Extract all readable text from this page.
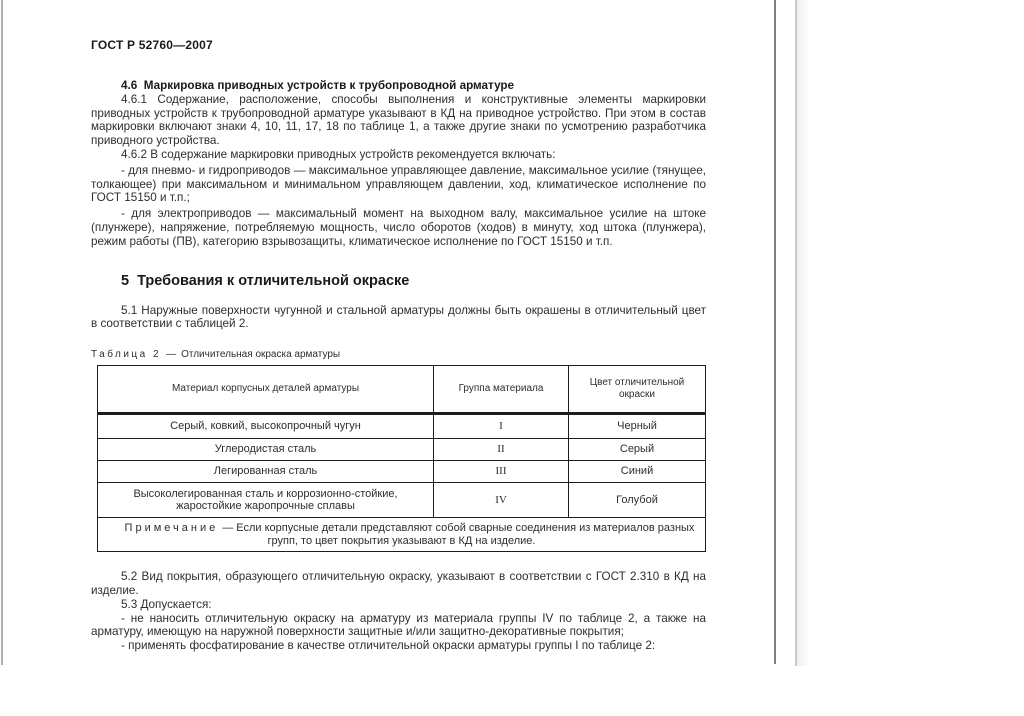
ГОСТ Р 52760—2007

4.6  Маркировка приводных устройств к трубопроводной арматуре

4.6.1 Содержание, расположение, способы выполнения и конструктивные элементы маркировки приводных устройств к трубопроводной арматуре указывают в КД на приводное устройство. При этом в состав маркировки включают знаки 4, 10, 11, 17, 18 по таблице 1, а также другие знаки по усмотрению разработчика приводного устройства.

4.6.2 В содержание маркировки приводных устройств рекомендуется включать:

- для пневмо- и гидроприводов — максимальное управляющее давление, максимальное усилие (тянущее, толкающее) при максимальном и минимальном управляющем давлении, ход, климатическое исполнение по ГОСТ 15150 и т.п.;

- для электроприводов — максимальный момент на выходном валу, максимальное усилие на штоке (плунжере), напряжение, потребляемую мощность, число оборотов (ходов) в минуту, ход штока (плунжера), режим работы (ПВ), категорию взрывозащиты, климатическое исполнение по ГОСТ 15150 и т.п.

5  Требования к отличительной окраске

5.1 Наружные поверхности чугунной и стальной арматуры должны быть окрашены в отличительный цвет в соответствии с таблицей 2.

Таблица 2 — Отличительная окраска арматуры

Материал корпусных деталей арматуры	Группа материала	Цвет отличительной окраски
Серый, ковкий, высокопрочный чугун	I	Черный
Углеродистая сталь	II	Серый
Легированная сталь	III	Синий
Высоколегированная сталь и коррозионно-стойкие, жаростойкие жаропрочные сплавы	IV	Голубой
Примечание — Если корпусные детали представляют собой сварные соединения из материалов разных групп, то цвет покрытия указывают в КД на изделие.		

5.2 Вид покрытия, образующего отличительную окраску, указывают в соответствии с ГОСТ 2.310 в КД на изделие.

5.3 Допускается:

- не наносить отличительную окраску на арматуру из материала группы IV по таблице 2, а также на арматуру, имеющую на наружной поверхности защитные и/или защитно-декоративные покрытия;

- применять фосфатирование в качестве отличительной окраски арматуры группы I по таблице 2:
